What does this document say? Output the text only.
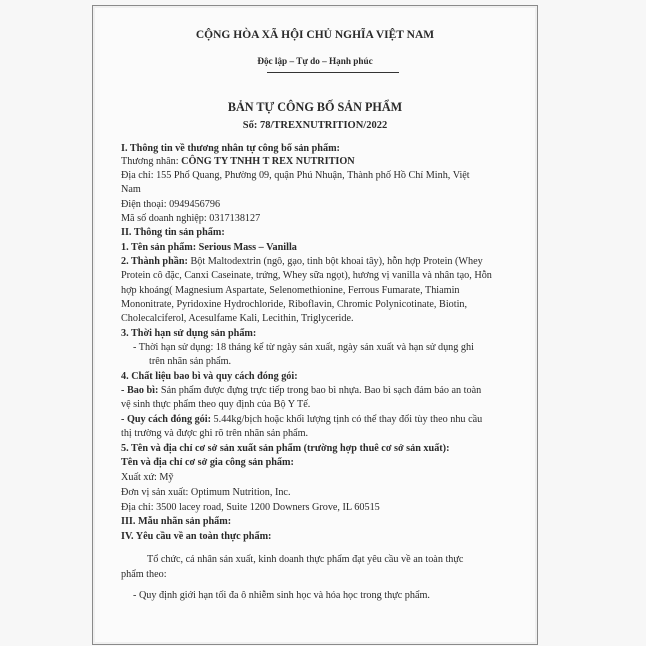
CỘNG HÒA XÃ HỘI CHỦ NGHĨA VIỆT NAM
Độc lập – Tự do – Hạnh phúc
BẢN TỰ CÔNG BỐ SẢN PHẨM
Số: 78/TREXNUTRITION/2022
I. Thông tin về thương nhân tự công bố sản phẩm:
Thương nhân: CÔNG TY TNHH T REX NUTRITION
Địa chỉ: 155 Phổ Quang, Phường 09, quận Phú Nhuận, Thành phố Hồ Chí Minh, Việt
Nam
Điện thoại: 0949456796
Mã số doanh nghiệp: 0317138127
II. Thông tin sản phẩm:
1. Tên sản phẩm: Serious Mass – Vanilla
2. Thành phần: Bột Maltodextrin (ngô, gạo, tinh bột khoai tây), hỗn hợp Protein (Whey
Protein cô đặc, Canxi Caseinate, trứng, Whey sữa ngọt), hương vị vanilla và nhân tạo, Hỗn
hợp khoáng( Magnesium Aspartate, Selenomethionine, Ferrous Fumarate, Thiamin
Mononitrate, Pyridoxine Hydrochloride, Riboflavin, Chromic Polynicotinate, Biotin,
Cholecalciferol, Acesulfame Kali, Lecithin, Triglyceride.
3. Thời hạn sử dụng sản phẩm:
- Thời hạn sử dụng: 18 tháng kể từ ngày sản xuất, ngày sản xuất và hạn sử dụng ghi
trên nhãn sản phẩm.
4. Chất liệu bao bì và quy cách đóng gói:
- Bao bì: Sản phẩm được đựng trực tiếp trong bao bì nhựa. Bao bì sạch đảm bảo an toàn
vệ sinh thực phẩm theo quy định của Bộ Y Tế.
- Quy cách đóng gói: 5.44kg/bịch hoặc khối lượng tịnh có thể thay đổi tùy theo nhu cầu
thị trường và được ghi rõ trên nhãn sản phẩm.
5. Tên và địa chỉ cơ sở sản xuất sản phẩm (trường hợp thuê cơ sở sản xuất):
Tên và địa chỉ cơ sở gia công sản phẩm:
Xuất xứ: Mỹ
Đơn vị sản xuất: Optimum Nutrition, Inc.
Địa chỉ: 3500 lacey road, Suite 1200 Downers Grove, IL 60515
III. Mẫu nhãn sản phẩm:
IV. Yêu cầu về an toàn thực phẩm:
Tổ chức, cá nhân sản xuất, kinh doanh thực phẩm đạt yêu cầu về an toàn thực
phẩm theo:
- Quy định giới hạn tối đa ô nhiễm sinh học và hóa học trong thực phẩm.
